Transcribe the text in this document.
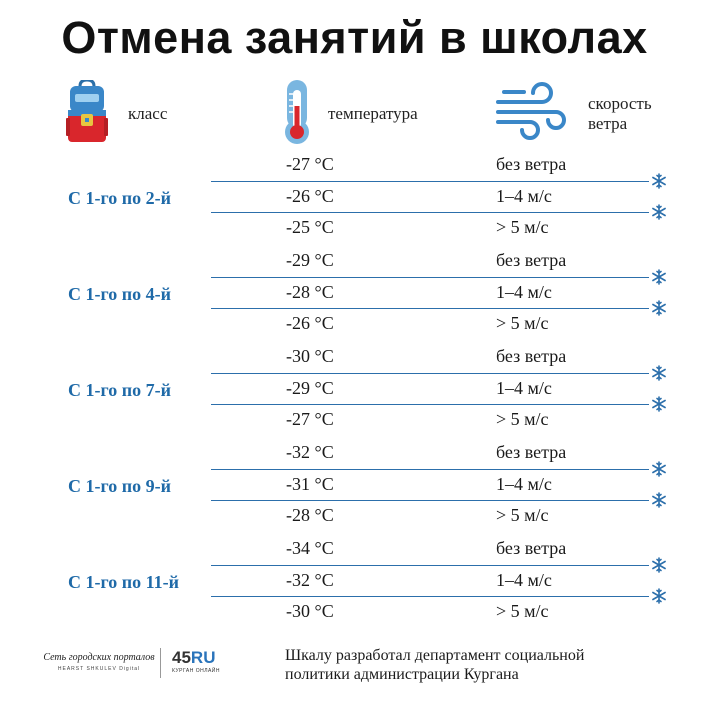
Отмена занятий в школах
класс	температура
скорость
ветра
С 1-го по 2-й
-27 °С	без ветра
-26 °С	1–4 м/с
-25 °С	> 5 м/с
С 1-го по 4-й
-29 °С	без ветра
-28 °С	1–4 м/с
-26 °С	> 5 м/с
С 1-го по 7-й
-30 °С	без ветра
-29 °С	1–4 м/с
-27 °С	> 5 м/с
С 1-го по 9-й
-32 °С	без ветра
-31 °С	1–4 м/с
-28 °С	> 5 м/с
С 1-го по 11-й
-34 °С	без ветра
-32 °С	1–4 м/с
-30 °С	> 5 м/с
Сеть городских порталов
HEARST SHKULEV Digital
45RU
КУРГАН ОНЛАЙН
Шкалу разработал департамент социальной
политики администрации Кургана
